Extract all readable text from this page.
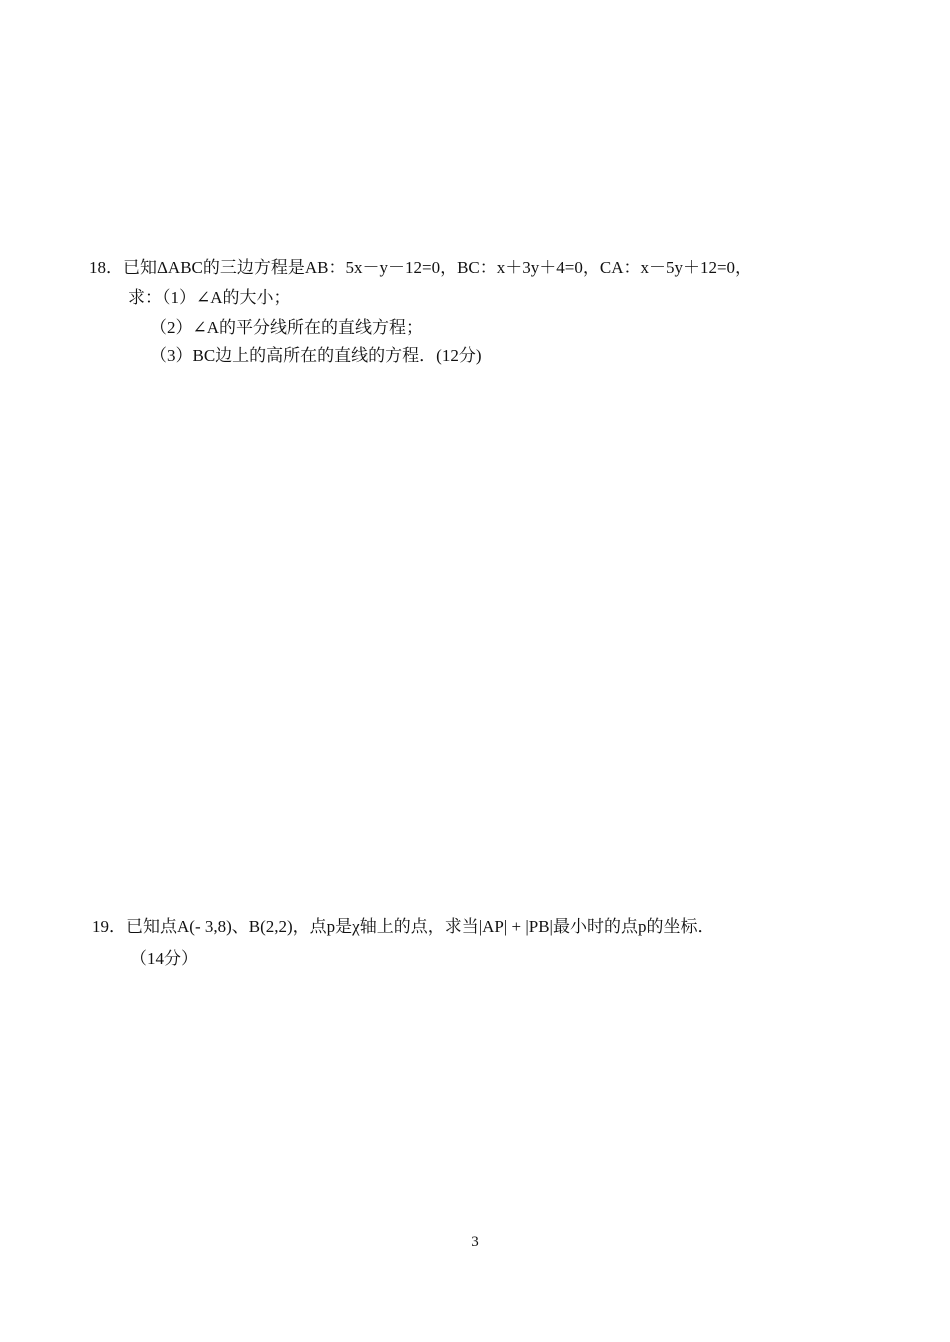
18．已知ΔABC的三边方程是AB：5x－y－12=0，BC：x＋3y＋4=0，CA：x－5y＋12=0，
求：（1）∠A的大小；
（2）∠A的平分线所在的直线方程；
（3）BC边上的高所在的直线的方程．(12分)
19．已知点A(- 3,8)、B(2,2)，点p是χ轴上的点，求当|AP| + |PB|最小时的点p的坐标．
（14分）
3
